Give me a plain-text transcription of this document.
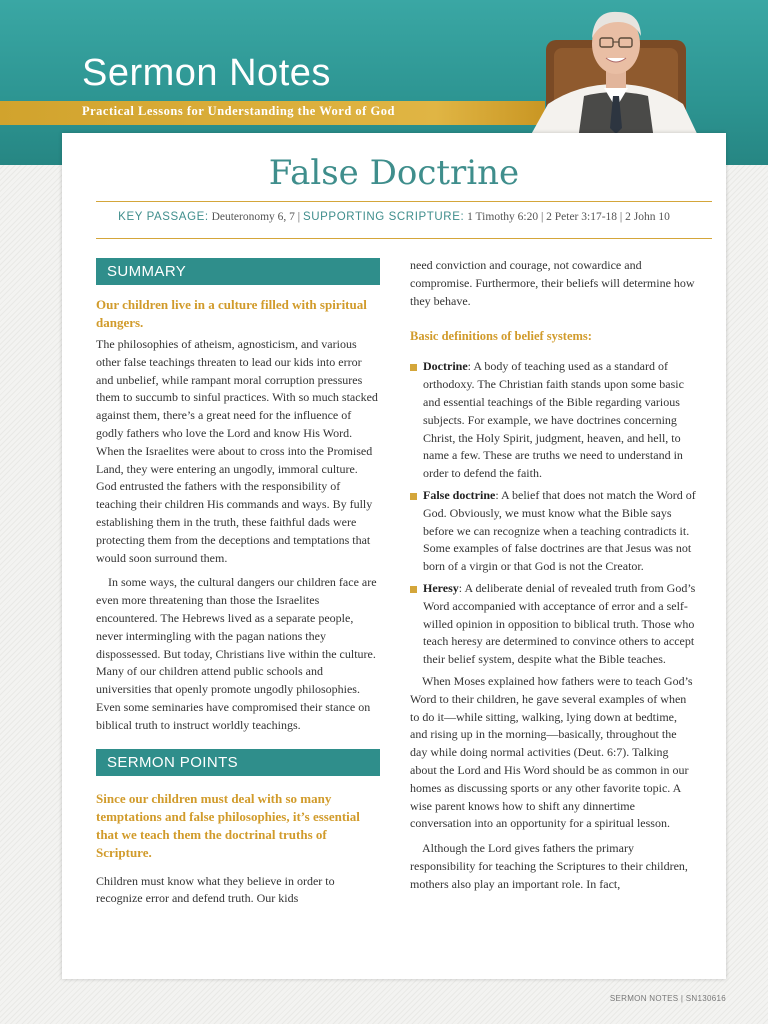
Sermon Notes
Practical Lessons for Understanding the Word of God
False Doctrine
KEY PASSAGE: Deuteronomy 6, 7 | SUPPORTING SCRIPTURE: 1 Timothy 6:20 | 2 Peter 3:17-18 | 2 John 10
SUMMARY

Our children live in a culture filled with spiritual dangers.

The philosophies of atheism, agnosticism, and various other false teachings threaten to lead our kids into error and unbelief, while rampant moral corruption pressures them to succumb to sinful practices. With so much stacked against them, there’s a great need for the influence of godly fathers who love the Lord and know His Word. When the Israelites were about to cross into the Promised Land, they were entering an ungodly, immoral culture. God entrusted the fathers with the responsibility of teaching their children His commands and ways. By fully establishing them in the truth, these faithful dads were protecting them from the deceptions and temptations that would soon surround them.

In some ways, the cultural dangers our children face are even more threatening than those the Israelites encountered. The Hebrews lived as a separate people, never intermingling with the pagan nations they dispossessed. But today, Christians live within the culture. Many of our children attend public schools and universities that openly promote ungodly philosophies. Even some seminaries have compromised their stance on biblical truth to instruct worldly teachings.

SERMON POINTS

Since our children must deal with so many temptations and false philosophies, it’s essential that we teach them the doctrinal truths of Scripture.

Children must know what they believe in order to recognize error and defend truth. Our kids

need conviction and courage, not cowardice and compromise. Furthermore, their beliefs will determine how they behave.

Basic definitions of belief systems:

Doctrine: A body of teaching used as a standard of orthodoxy. The Christian faith stands upon some basic and essential teachings of the Bible regarding various subjects. For example, we have doctrines concerning Christ, the Holy Spirit, judgment, heaven, and hell, to name a few. These are truths we need to understand in order to defend the faith.
False doctrine: A belief that does not match the Word of God. Obviously, we must know what the Bible says before we can recognize when a teaching contradicts it. Some examples of false doctrines are that Jesus was not born of a virgin or that God is not the Creator.
Heresy: A deliberate denial of revealed truth from God’s Word accompanied with acceptance of error and a self-willed opinion in opposition to biblical truth. Those who teach heresy are determined to convince others to accept their belief system, despite what the Bible teaches.

When Moses explained how fathers were to teach God’s Word to their children, he gave several examples of when to do it—while sitting, walking, lying down at bedtime, and rising up in the morning—basically, throughout the day while doing normal activities (Deut. 6:7). Talking about the Lord and His Word should be as common in our homes as discussing sports or any other favorite topic. A wise parent knows how to shift any dinnertime conversation into an opportunity for a spiritual lesson.

Although the Lord gives fathers the primary responsibility for teaching the Scriptures to their children, mothers also play an important role. In fact,

SERMON NOTES | SN130616
